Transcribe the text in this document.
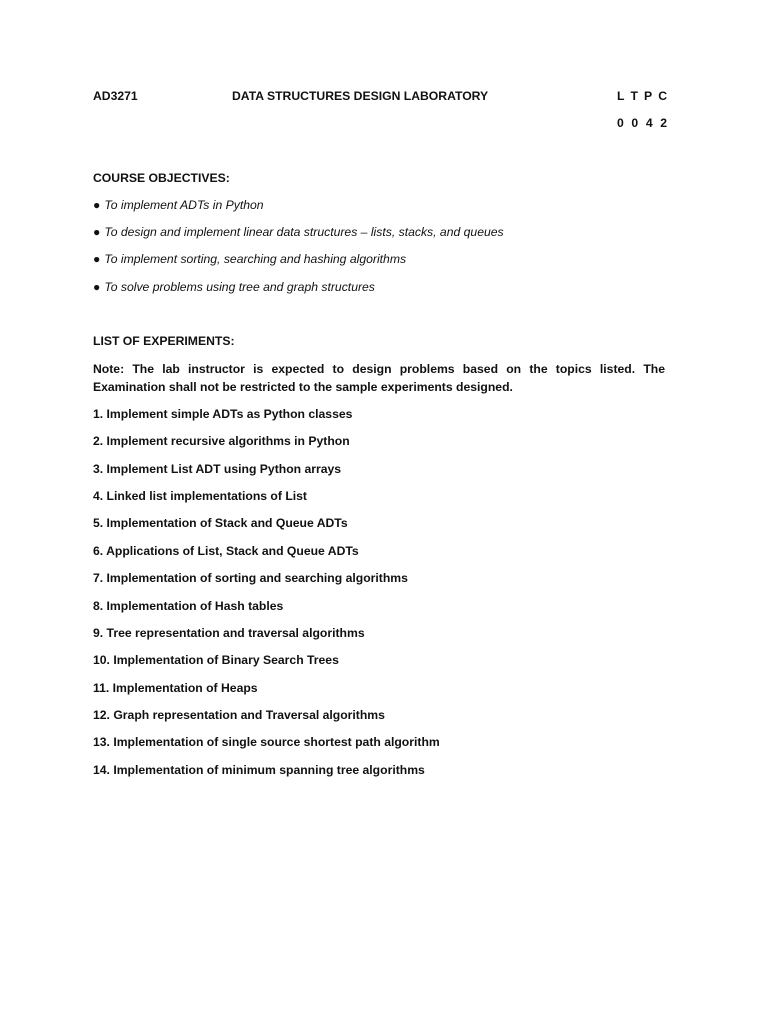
AD3271	DATA STRUCTURES DESIGN LABORATORY	L T P C
0 0 4 2
COURSE OBJECTIVES:
● To implement ADTs in Python
● To design and implement linear data structures – lists, stacks, and queues
● To implement sorting, searching and hashing algorithms
● To solve problems using tree and graph structures
LIST OF EXPERIMENTS:
Note: The lab instructor is expected to design problems based on the topics listed. The Examination shall not be restricted to the sample experiments designed.
1. Implement simple ADTs as Python classes
2. Implement recursive algorithms in Python
3. Implement List ADT using Python arrays
4. Linked list implementations of List
5. Implementation of Stack and Queue ADTs
6. Applications of List, Stack and Queue ADTs
7. Implementation of sorting and searching algorithms
8. Implementation of Hash tables
9. Tree representation and traversal algorithms
10. Implementation of Binary Search Trees
11. Implementation of Heaps
12. Graph representation and Traversal algorithms
13. Implementation of single source shortest path algorithm
14. Implementation of minimum spanning tree algorithms
